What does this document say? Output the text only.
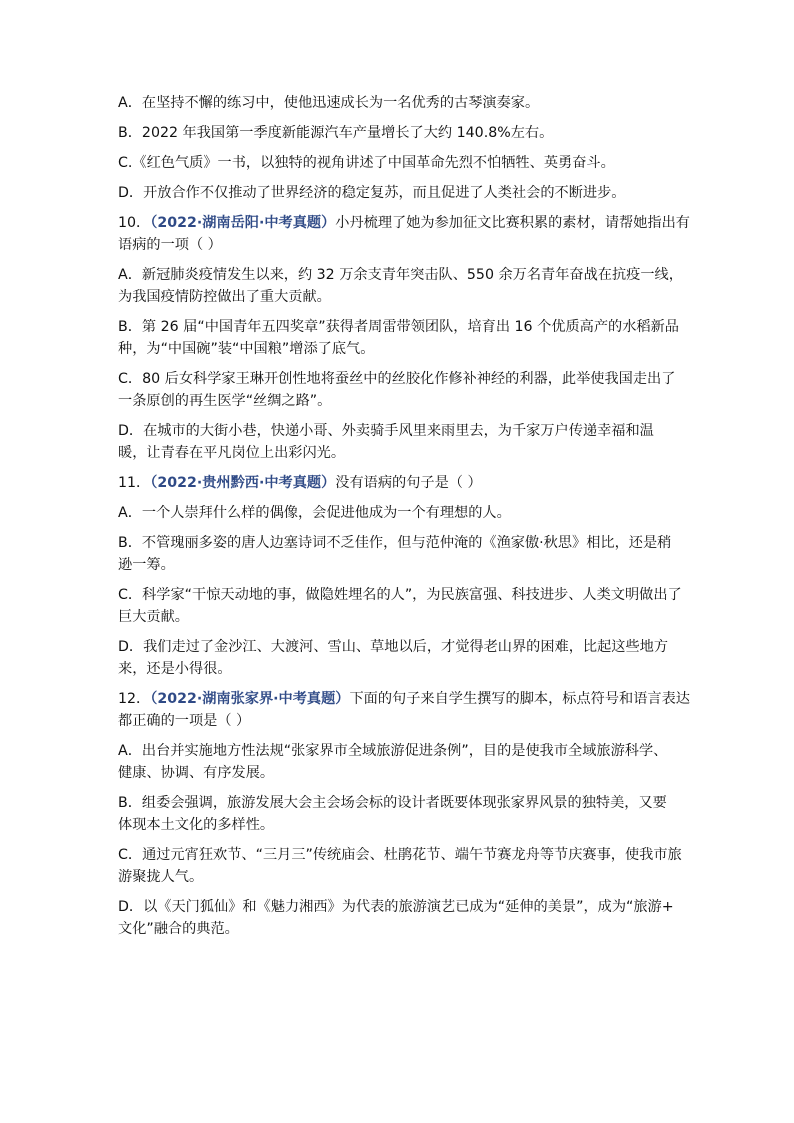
A．在坚持不懈的练习中，使他迅速成长为一名优秀的古琴演奏家。
B．2022 年我国第一季度新能源汽车产量增长了大约 140.8%左右。
C.《红色气质》一书，以独特的视角讲述了中国革命先烈不怕牺牲、英勇奋斗。
D．开放合作不仅推动了世界经济的稳定复苏，而且促进了人类社会的不断进步。
10．（2022·湖南岳阳·中考真题）小丹梳理了她为参加征文比赛积累的素材，请帮她指出有
语病的一项（ ）
A．新冠肺炎疫情发生以来，约 32 万余支青年突击队、550 余万名青年奋战在抗疫一线，
为我国疫情防控做出了重大贡献。
B．第 26 届“中国青年五四奖章”获得者周雷带领团队，培育出 16 个优质高产的水稻新品
种，为“中国碗”装“中国粮”增添了底气。
C．80 后女科学家王琳开创性地将蚕丝中的丝胶化作修补神经的利器，此举使我国走出了
一条原创的再生医学“丝绸之路”。
D．在城市的大街小巷，快递小哥、外卖骑手风里来雨里去，为千家万户传递幸福和温
暖，让青春在平凡岗位上出彩闪光。
11．（2022·贵州黔西·中考真题）没有语病的句子是（ ）
A．一个人崇拜什么样的偶像，会促进他成为一个有理想的人。
B．不管瑰丽多姿的唐人边塞诗词不乏佳作，但与范仲淹的《渔家傲·秋思》相比，还是稍
逊一筹。
C．科学家“干惊天动地的事，做隐姓埋名的人”，为民族富强、科技进步、人类文明做出了
巨大贡献。
D．我们走过了金沙江、大渡河、雪山、草地以后，才觉得老山界的困难，比起这些地方
来，还是小得很。
12．（2022·湖南张家界·中考真题）下面的句子来自学生撰写的脚本，标点符号和语言表达
都正确的一项是（ ）
A．出台并实施地方性法规“张家界市全域旅游促进条例”，目的是使我市全域旅游科学、
健康、协调、有序发展。
B．组委会强调，旅游发展大会主会场会标的设计者既要体现张家界风景的独特美，又要
体现本土文化的多样性。
C．通过元宵狂欢节、“三月三”传统庙会、杜鹃花节、端午节赛龙舟等节庆赛事，使我市旅
游聚拢人气。
D．以《天门狐仙》和《魅力湘西》为代表的旅游演艺已成为“延伸的美景”，成为“旅游+
文化”融合的典范。
